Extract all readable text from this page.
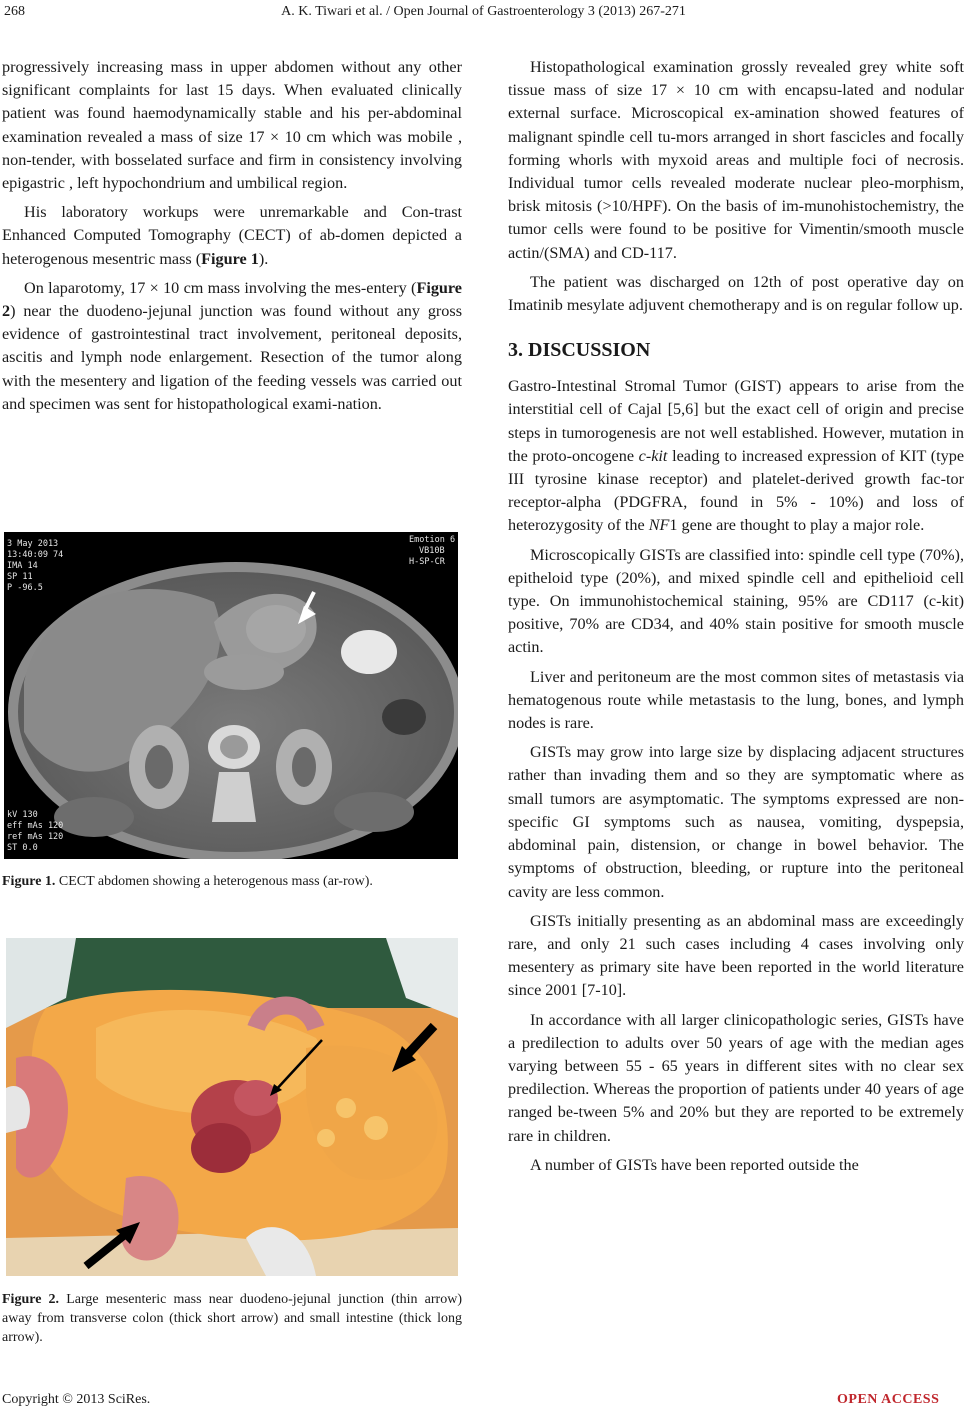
268	A. K. Tiwari et al. / Open Journal of Gastroenterology 3 (2013) 267-271

progressively increasing mass in upper abdomen without any other significant complaints for last 15 days. When evaluated clinically patient was found haemodynamically stable and his per-abdominal examination revealed a mass of size 17 × 10 cm which was mobile , non-tender, with bosselated surface and firm in consistency involving epigastric , left hypochondrium and umbilical region.

His laboratory workups were unremarkable and Con-trast Enhanced Computed Tomography (CECT) of ab-domen depicted a heterogenous mesentric mass (Figure 1).

On laparotomy, 17 × 10 cm mass involving the mes-entery (Figure 2) near the duodeno-jejunal junction was found without any gross evidence of gastrointestinal tract involvement, peritoneal deposits, ascitis and lymph node enlargement. Resection of the tumor along with the mesentery and ligation of the feeding vessels was carried out and specimen was sent for histopathological exami-nation.

3 May 2013
13:40:09 74
IMA 14
SP 11
P -96.5
Emotion 6
VB10B
H-SP-CR
kV 130
eff mAs 120
ref mAs 120
ST 0.0
Figure 1. CECT abdomen showing a heterogenous mass (ar-row).
Figure 2. Large mesenteric mass near duodeno-jejunal junction (thin arrow) away from transverse colon (thick short arrow) and small intestine (thick long arrow).

Histopathological examination grossly revealed grey white soft tissue mass of size 17 × 10 cm with encapsu-lated and nodular external surface. Microscopical ex-amination showed features of malignant spindle cell tu-mors arranged in short fascicles and focally forming whorls with myxoid areas and multiple foci of necrosis. Individual tumor cells revealed moderate nuclear pleo-morphism, brisk mitosis (>10/HPF). On the basis of im-munohistochemistry, the tumor cells were found to be positive for Vimentin/smooth muscle actin/(SMA) and CD-117.

The patient was discharged on 12th of post operative day on Imatinib mesylate adjuvent chemotherapy and is on regular follow up.

3. DISCUSSION

Gastro-Intestinal Stromal Tumor (GIST) appears to arise from the interstitial cell of Cajal [5,6] but the exact cell of origin and precise steps in tumorogenesis are not well established. However, mutation in the proto-oncogene c-kit leading to increased expression of KIT (type III tyrosine kinase receptor) and platelet-derived growth fac-tor receptor-alpha (PDGFRA, found in 5% - 10%) and loss of heterozygosity of the NF1 gene are thought to play a major role.

Microscopically GISTs are classified into: spindle cell type (70%), epitheloid type (20%), and mixed spindle cell and epithelioid cell type. On immunohistochemical staining, 95% are CD117 (c-kit) positive, 70% are CD34, and 40% stain positive for smooth muscle actin.

Liver and peritoneum are the most common sites of metastasis via hematogenous route while metastasis to the lung, bones, and lymph nodes is rare.

GISTs may grow into large size by displacing adjacent structures rather than invading them and so they are symptomatic where as small tumors are asymptomatic. The symptoms expressed are non-specific GI symptoms such as nausea, vomiting, dyspepsia, abdominal pain, distension, or change in bowel behavior. The symptoms of obstruction, bleeding, or rupture into the peritoneal cavity are less common.

GISTs initially presenting as an abdominal mass are exceedingly rare, and only 21 such cases including 4 cases involving only mesentery as primary site have been reported in the world literature since 2001 [7-10].

In accordance with all larger clinicopathologic series, GISTs have a predilection to adults over 50 years of age with the median ages varying between 55 - 65 years in different sites with no clear sex predilection. Whereas the proportion of patients under 40 years of age ranged be-tween 5% and 20% but they are reported to be extremely rare in children.

A number of GISTs have been reported outside the

Copyright © 2013 SciRes.	OPEN ACCESS
